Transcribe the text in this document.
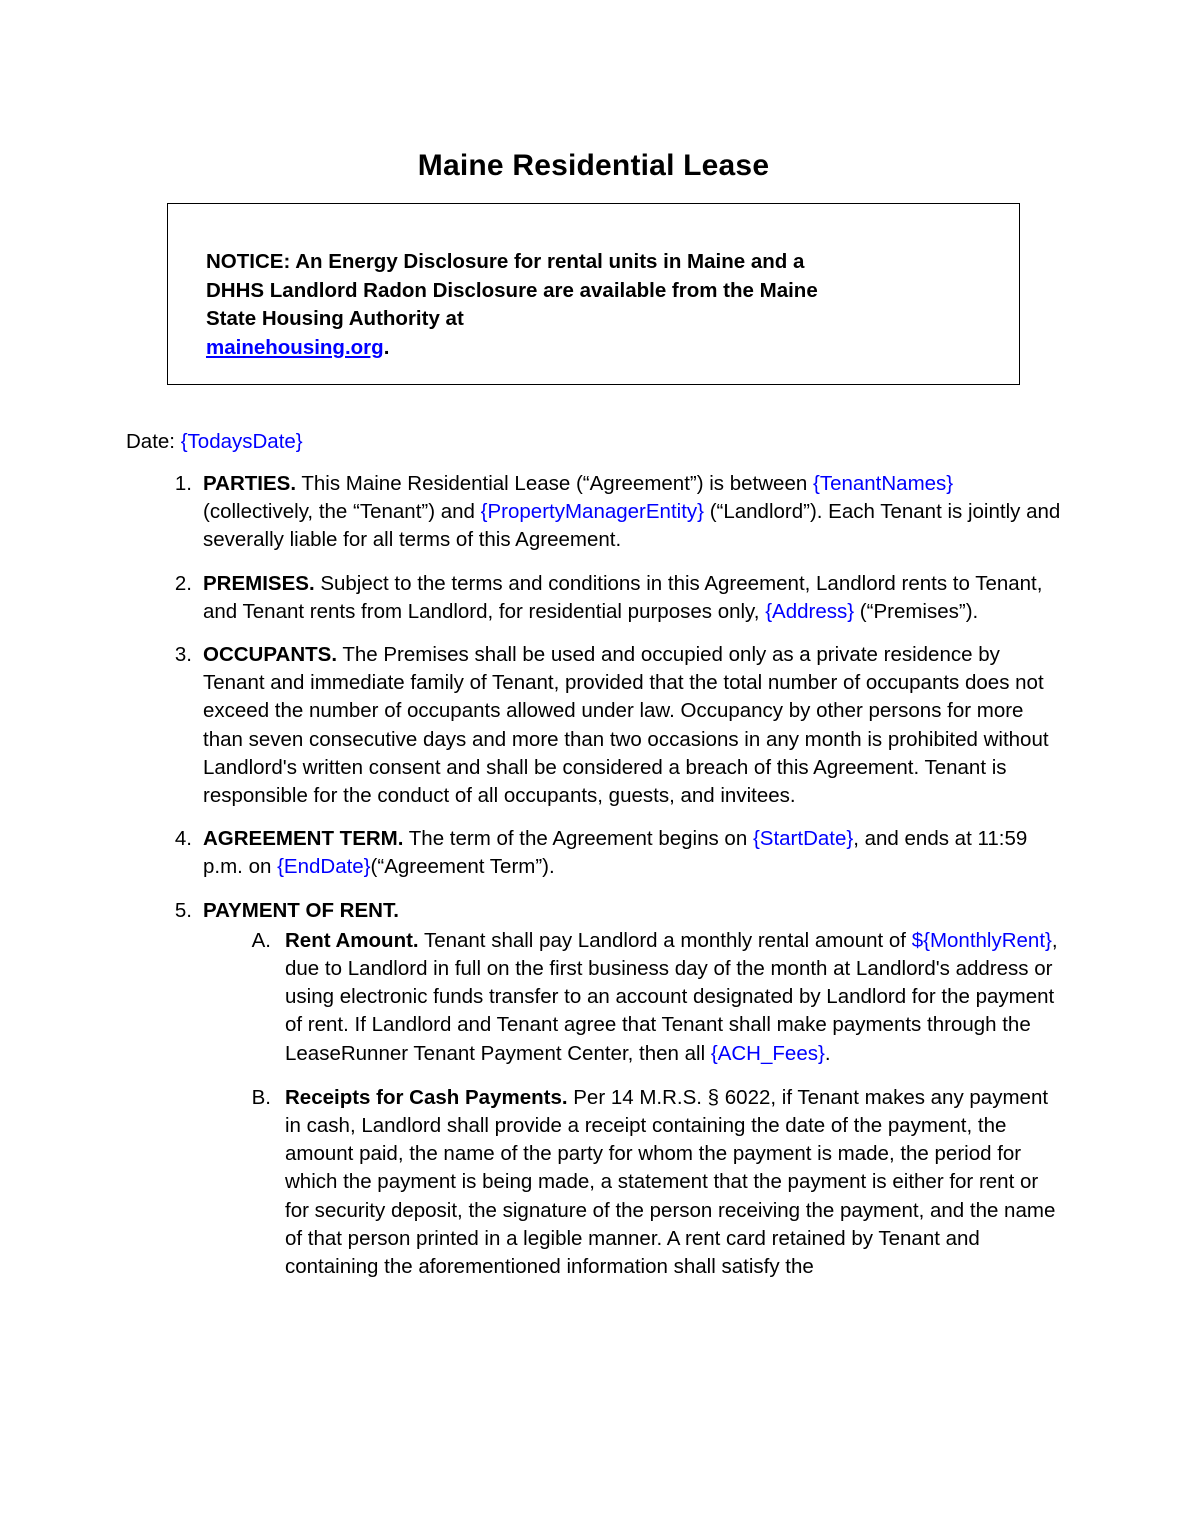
Maine Residential Lease
NOTICE: An Energy Disclosure for rental units in Maine and a
DHHS Landlord Radon Disclosure are available from the Maine
State Housing Authority at
mainehousing.org.
Date: {TodaysDate}
1. PARTIES. This Maine Residential Lease (“Agreement”) is between {TenantNames} (collectively, the “Tenant”) and {PropertyManagerEntity} (“Landlord”). Each Tenant is jointly and severally liable for all terms of this Agreement.
2. PREMISES. Subject to the terms and conditions in this Agreement, Landlord rents to Tenant, and Tenant rents from Landlord, for residential purposes only, {Address} (“Premises”).
3. OCCUPANTS. The Premises shall be used and occupied only as a private residence by Tenant and immediate family of Tenant, provided that the total number of occupants does not exceed the number of occupants allowed under law. Occupancy by other persons for more than seven consecutive days and more than two occasions in any month is prohibited without Landlord's written consent and shall be considered a breach of this Agreement. Tenant is responsible for the conduct of all occupants, guests, and invitees.
4. AGREEMENT TERM. The term of the Agreement begins on {StartDate}, and ends at 11:59 p.m. on {EndDate}(“Agreement Term”).
5. PAYMENT OF RENT.
A. Rent Amount. Tenant shall pay Landlord a monthly rental amount of ${MonthlyRent}, due to Landlord in full on the first business day of the month at Landlord's address or using electronic funds transfer to an account designated by Landlord for the payment of rent. If Landlord and Tenant agree that Tenant shall make payments through the LeaseRunner Tenant Payment Center, then all {ACH_Fees}.
B. Receipts for Cash Payments. Per 14 M.R.S. § 6022, if Tenant makes any payment in cash, Landlord shall provide a receipt containing the date of the payment, the amount paid, the name of the party for whom the payment is made, the period for which the payment is being made, a statement that the payment is either for rent or for security deposit, the signature of the person receiving the payment, and the name of that person printed in a legible manner. A rent card retained by Tenant and containing the aforementioned information shall satisfy the
